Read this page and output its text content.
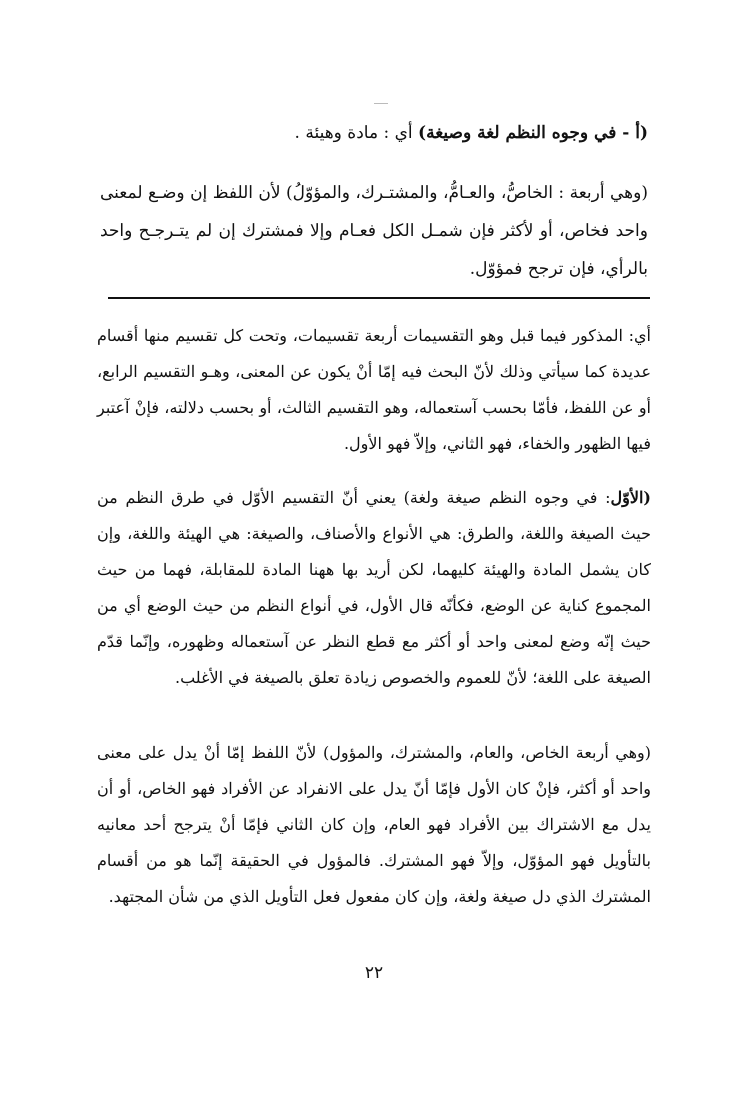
(أ - في وجوه النظم لغة وصيغة) أي : مادة وهيئة .
(وهي أربعة : الخاصُّ، والعـامُّ، والمشتـرك، والمؤوّلُ) لأن اللفظ إن وضـع لمعنى واحد فخاص، أو لأكثر فإن شمـل الكل فعـام وإلا فمشترك إن لم يتـرجـح واحد بالرأي، فإن ترجح فمؤوّل.
أي: المذكور فيما قبل وهو التقسيمات أربعة تقسيمات، وتحت كل تقسيم منها أقسام عديدة كما سيأتي وذلك لأنّ البحث فيه إمّا أنْ يكون عن المعنى، وهـو التقسيم الرابع، أو عن اللفظ، فأمّا بحسب آستعماله، وهو التقسيم الثالث، أو بحسب دلالته، فإنْ آعتبر فيها الظهور والخفاء، فهو الثاني، وإلاّ فهو الأول.
(الأوّل: في وجوه النظم صيغة ولغة) يعني أنّ التقسيم الأوّل في طرق النظم من حيث الصيغة واللغة، والطرق: هي الأنواع والأصناف، والصيغة: هي الهيئة واللغة، وإن كان يشمل المادة والهيئة كليهما، لكن أريد بها ههنا المادة للمقابلة، فهما من حيث المجموع كناية عن الوضع، فكأنّه قال الأول، في أنواع النظم من حيث الوضع أي من حيث إنّه وضع لمعنى واحد أو أكثر مع قطع النظر عن آستعماله وظهوره، وإنّما قدّم الصيغة على اللغة؛ لأنّ للعموم والخصوص زيادة تعلق بالصيغة في الأغلب.
(وهي أربعة الخاص، والعام، والمشترك، والمؤول) لأنّ اللفظ إمّا أنْ يدل على معنى واحد أو أكثر، فإنْ كان الأول فإمّا أنّ يدل على الانفراد عن الأفراد فهو الخاص، أو أن يدل مع الاشتراك بين الأفراد فهو العام، وإن كان الثاني فإمّا أنْ يترجح أحد معانيه بالتأويل فهو المؤوّل، وإلاّ فهو المشترك. فالمؤول في الحقيقة إنّما هو من أقسام المشترك الذي دل صيغة ولغة، وإن كان مفعول فعل التأويل الذي من شأن المجتهد.
٢٢
